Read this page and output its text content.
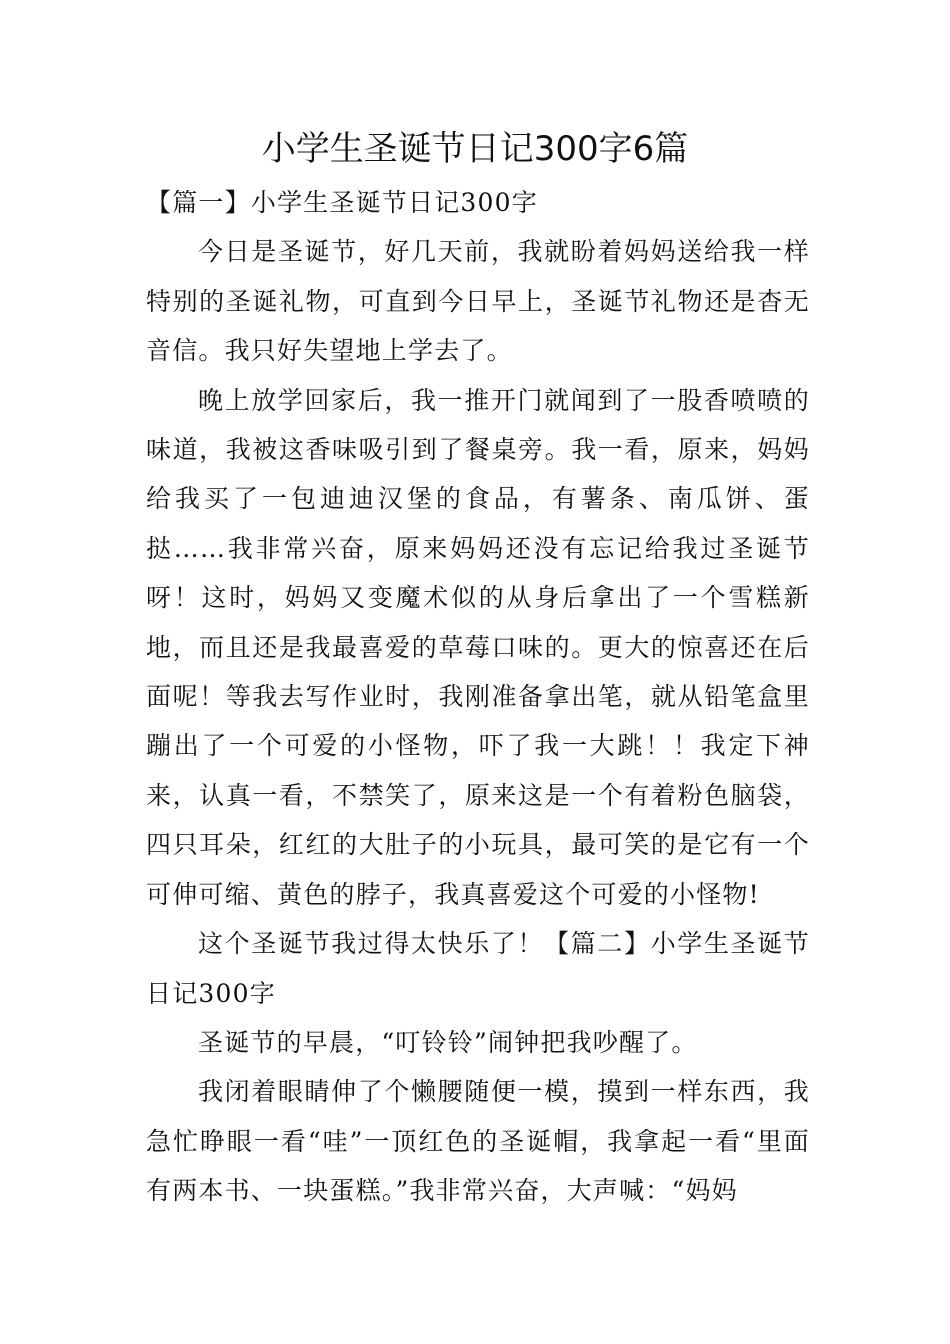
小学生圣诞节日记300字6篇

【篇一】小学生圣诞节日记300字

今日是圣诞节，好几天前，我就盼着妈妈送给我一样特别的圣诞礼物，可直到今日早上，圣诞节礼物还是杳无音信。我只好失望地上学去了。

晚上放学回家后，我一推开门就闻到了一股香喷喷的味道，我被这香味吸引到了餐桌旁。我一看，原来，妈妈给我买了一包迪迪汉堡的食品，有薯条、南瓜饼、蛋挞……我非常兴奋，原来妈妈还没有忘记给我过圣诞节呀！这时，妈妈又变魔术似的从身后拿出了一个雪糕新地，而且还是我最喜爱的草莓口味的。更大的惊喜还在后面呢！等我去写作业时，我刚准备拿出笔，就从铅笔盒里蹦出了一个可爱的小怪物，吓了我一大跳！！我定下神来，认真一看，不禁笑了，原来这是一个有着粉色脑袋，四只耳朵，红红的大肚子的小玩具，最可笑的是它有一个可伸可缩、黄色的脖子，我真喜爱这个可爱的小怪物!

这个圣诞节我过得太快乐了！【篇二】小学生圣诞节日记300字

圣诞节的早晨，“叮铃铃”闹钟把我吵醒了。

我闭着眼睛伸了个懒腰随便一模，摸到一样东西，我急忙睁眼一看“哇”一顶红色的圣诞帽，我拿起一看“里面有两本书、一块蛋糕。”我非常兴奋，大声喊：“妈妈
